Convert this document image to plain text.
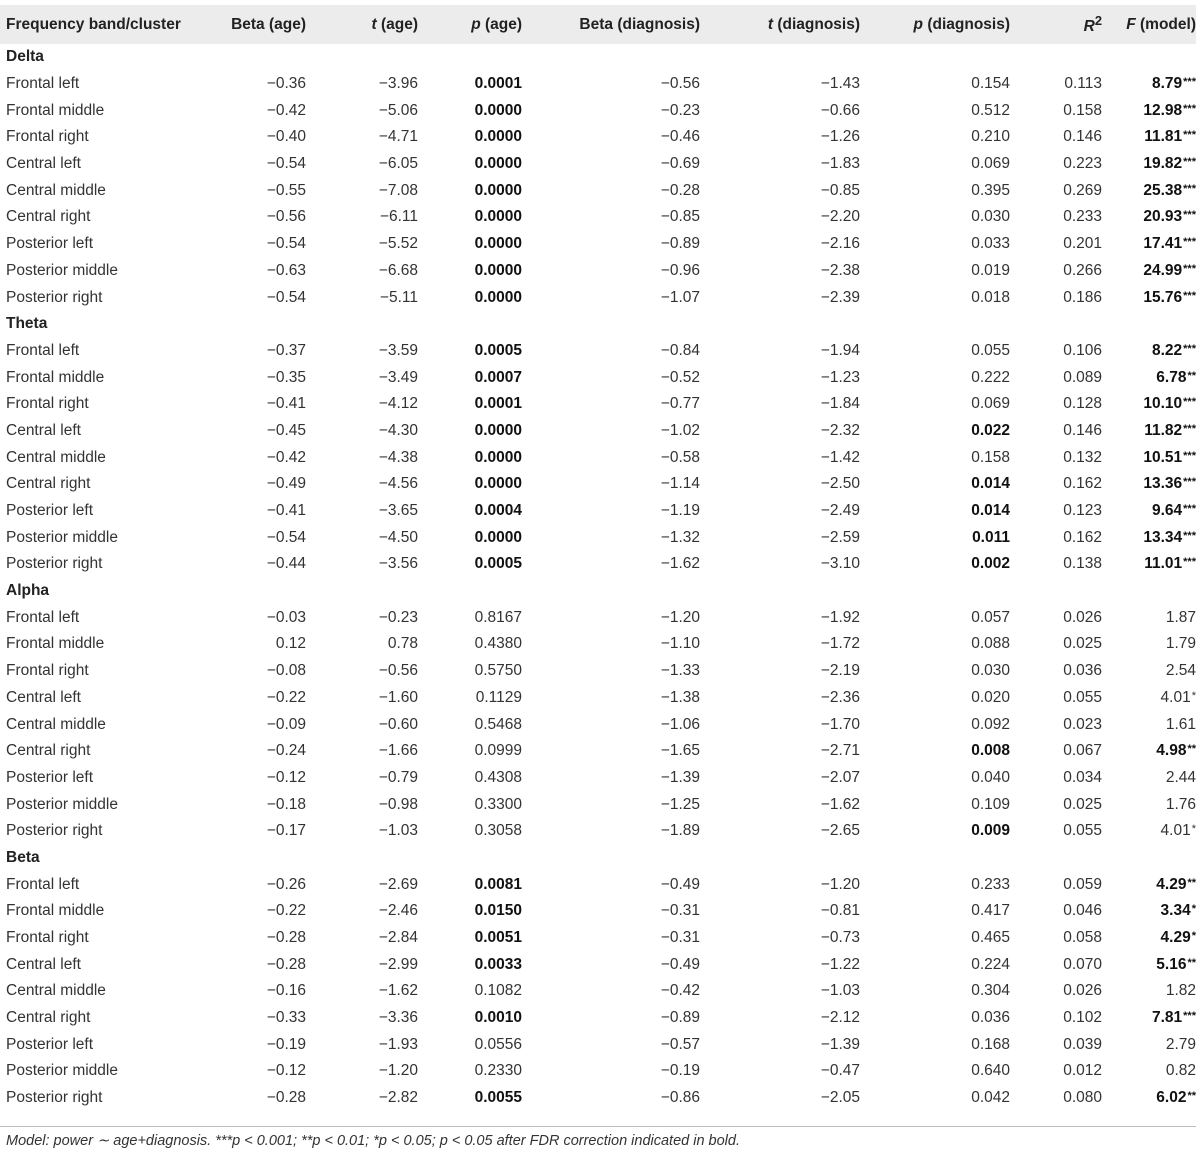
Frequency band/cluster	Beta (age)	t (age)	p (age)	Beta (diagnosis)	t (diagnosis)	p (diagnosis)	$R^2$	F (model)
Delta								
Frontal left	−0.36	−3.96	0.0001	−0.56	−1.43	0.154	0.113	8.79***
Frontal middle	−0.42	−5.06	0.0000	−0.23	−0.66	0.512	0.158	12.98***
Frontal right	−0.40	−4.71	0.0000	−0.46	−1.26	0.210	0.146	11.81***
Central left	−0.54	−6.05	0.0000	−0.69	−1.83	0.069	0.223	19.82***
Central middle	−0.55	−7.08	0.0000	−0.28	−0.85	0.395	0.269	25.38***
Central right	−0.56	−6.11	0.0000	−0.85	−2.20	0.030	0.233	20.93***
Posterior left	−0.54	−5.52	0.0000	−0.89	−2.16	0.033	0.201	17.41***
Posterior middle	−0.63	−6.68	0.0000	−0.96	−2.38	0.019	0.266	24.99***
Posterior right	−0.54	−5.11	0.0000	−1.07	−2.39	0.018	0.186	15.76***
Theta								
Frontal left	−0.37	−3.59	0.0005	−0.84	−1.94	0.055	0.106	8.22***
Frontal middle	−0.35	−3.49	0.0007	−0.52	−1.23	0.222	0.089	6.78**
Frontal right	−0.41	−4.12	0.0001	−0.77	−1.84	0.069	0.128	10.10***
Central left	−0.45	−4.30	0.0000	−1.02	−2.32	0.022	0.146	11.82***
Central middle	−0.42	−4.38	0.0000	−0.58	−1.42	0.158	0.132	10.51***
Central right	−0.49	−4.56	0.0000	−1.14	−2.50	0.014	0.162	13.36***
Posterior left	−0.41	−3.65	0.0004	−1.19	−2.49	0.014	0.123	9.64***
Posterior middle	−0.54	−4.50	0.0000	−1.32	−2.59	0.011	0.162	13.34***
Posterior right	−0.44	−3.56	0.0005	−1.62	−3.10	0.002	0.138	11.01***
Alpha								
Frontal left	−0.03	−0.23	0.8167	−1.20	−1.92	0.057	0.026	1.87
Frontal middle	0.12	0.78	0.4380	−1.10	−1.72	0.088	0.025	1.79
Frontal right	−0.08	−0.56	0.5750	−1.33	−2.19	0.030	0.036	2.54
Central left	−0.22	−1.60	0.1129	−1.38	−2.36	0.020	0.055	4.01*
Central middle	−0.09	−0.60	0.5468	−1.06	−1.70	0.092	0.023	1.61
Central right	−0.24	−1.66	0.0999	−1.65	−2.71	0.008	0.067	4.98**
Posterior left	−0.12	−0.79	0.4308	−1.39	−2.07	0.040	0.034	2.44
Posterior middle	−0.18	−0.98	0.3300	−1.25	−1.62	0.109	0.025	1.76
Posterior right	−0.17	−1.03	0.3058	−1.89	−2.65	0.009	0.055	4.01*
Beta								
Frontal left	−0.26	−2.69	0.0081	−0.49	−1.20	0.233	0.059	4.29**
Frontal middle	−0.22	−2.46	0.0150	−0.31	−0.81	0.417	0.046	3.34*
Frontal right	−0.28	−2.84	0.0051	−0.31	−0.73	0.465	0.058	4.29*
Central left	−0.28	−2.99	0.0033	−0.49	−1.22	0.224	0.070	5.16**
Central middle	−0.16	−1.62	0.1082	−0.42	−1.03	0.304	0.026	1.82
Central right	−0.33	−3.36	0.0010	−0.89	−2.12	0.036	0.102	7.81***
Posterior left	−0.19	−1.93	0.0556	−0.57	−1.39	0.168	0.039	2.79
Posterior middle	−0.12	−1.20	0.2330	−0.19	−0.47	0.640	0.012	0.82
Posterior right	−0.28	−2.82	0.0055	−0.86	−2.05	0.042	0.080	6.02**
Model: power ∼ age+diagnosis. ***p < 0.001; **p < 0.01; *p < 0.05; p < 0.05 after FDR correction indicated in bold.
